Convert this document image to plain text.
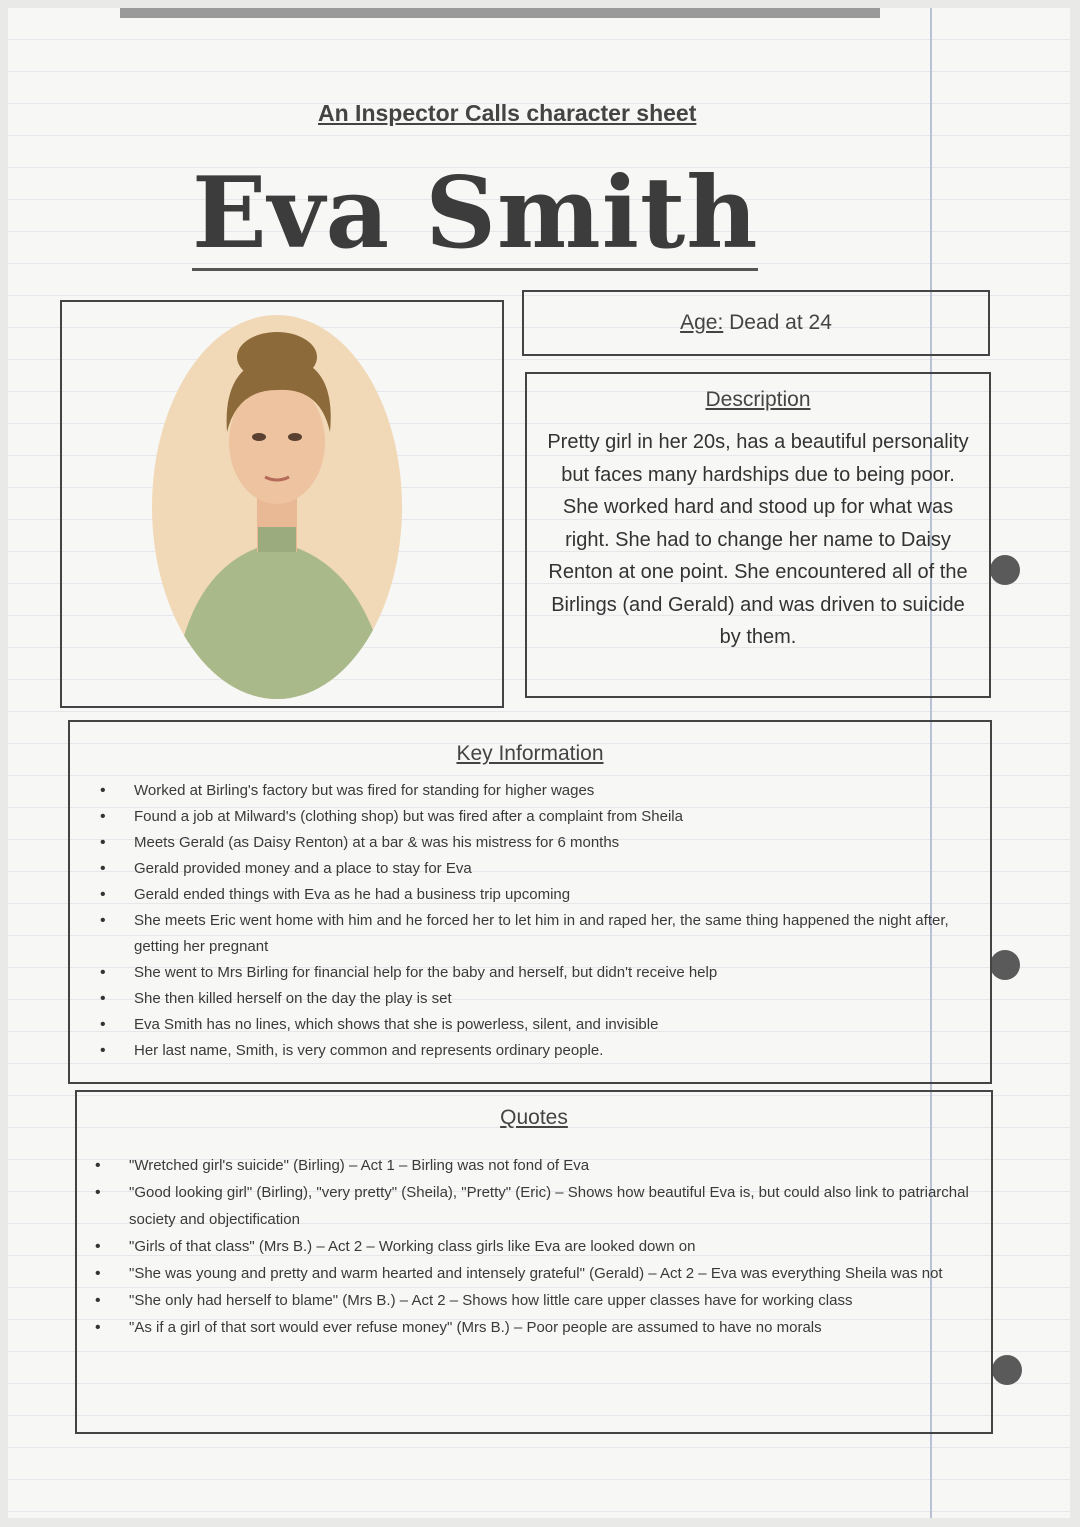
An Inspector Calls character sheet
Eva Smith
Age: Dead at 24
Description
Pretty girl in her 20s, has a beautiful personality but faces many hardships due to being poor. She worked hard and stood up for what was right. She had to change her name to Daisy Renton at one point. She encountered all of the Birlings (and Gerald) and was driven to suicide by them.
Key Information
• Worked at Birling's factory but was fired for standing for higher wages
• Found a job at Milward's (clothing shop) but was fired after a complaint from Sheila
• Meets Gerald (as Daisy Renton) at a bar & was his mistress for 6 months
• Gerald provided money and a place to stay for Eva
• Gerald ended things with Eva as he had a business trip upcoming
• She meets Eric went home with him and he forced her to let him in and raped her, the same thing happened the night after, getting her pregnant
• She went to Mrs Birling for financial help for the baby and herself, but didn't receive help
• She then killed herself on the day the play is set
• Eva Smith has no lines, which shows that she is powerless, silent, and invisible
• Her last name, Smith, is very common and represents ordinary people.
Quotes
• "Wretched girl's suicide" (Birling) – Act 1 – Birling was not fond of Eva
• "Good looking girl" (Birling), "very pretty" (Sheila), "Pretty" (Eric) – Shows how beautiful Eva is, but could also link to patriarchal society and objectification
• "Girls of that class" (Mrs B.) – Act 2 – Working class girls like Eva are looked down on
• "She was young and pretty and warm hearted and intensely grateful" (Gerald) – Act 2 – Eva was everything Sheila was not
• "She only had herself to blame" (Mrs B.) – Act 2 – Shows how little care upper classes have for working class
• "As if a girl of that sort would ever refuse money" (Mrs B.) – Poor people are assumed to have no morals
